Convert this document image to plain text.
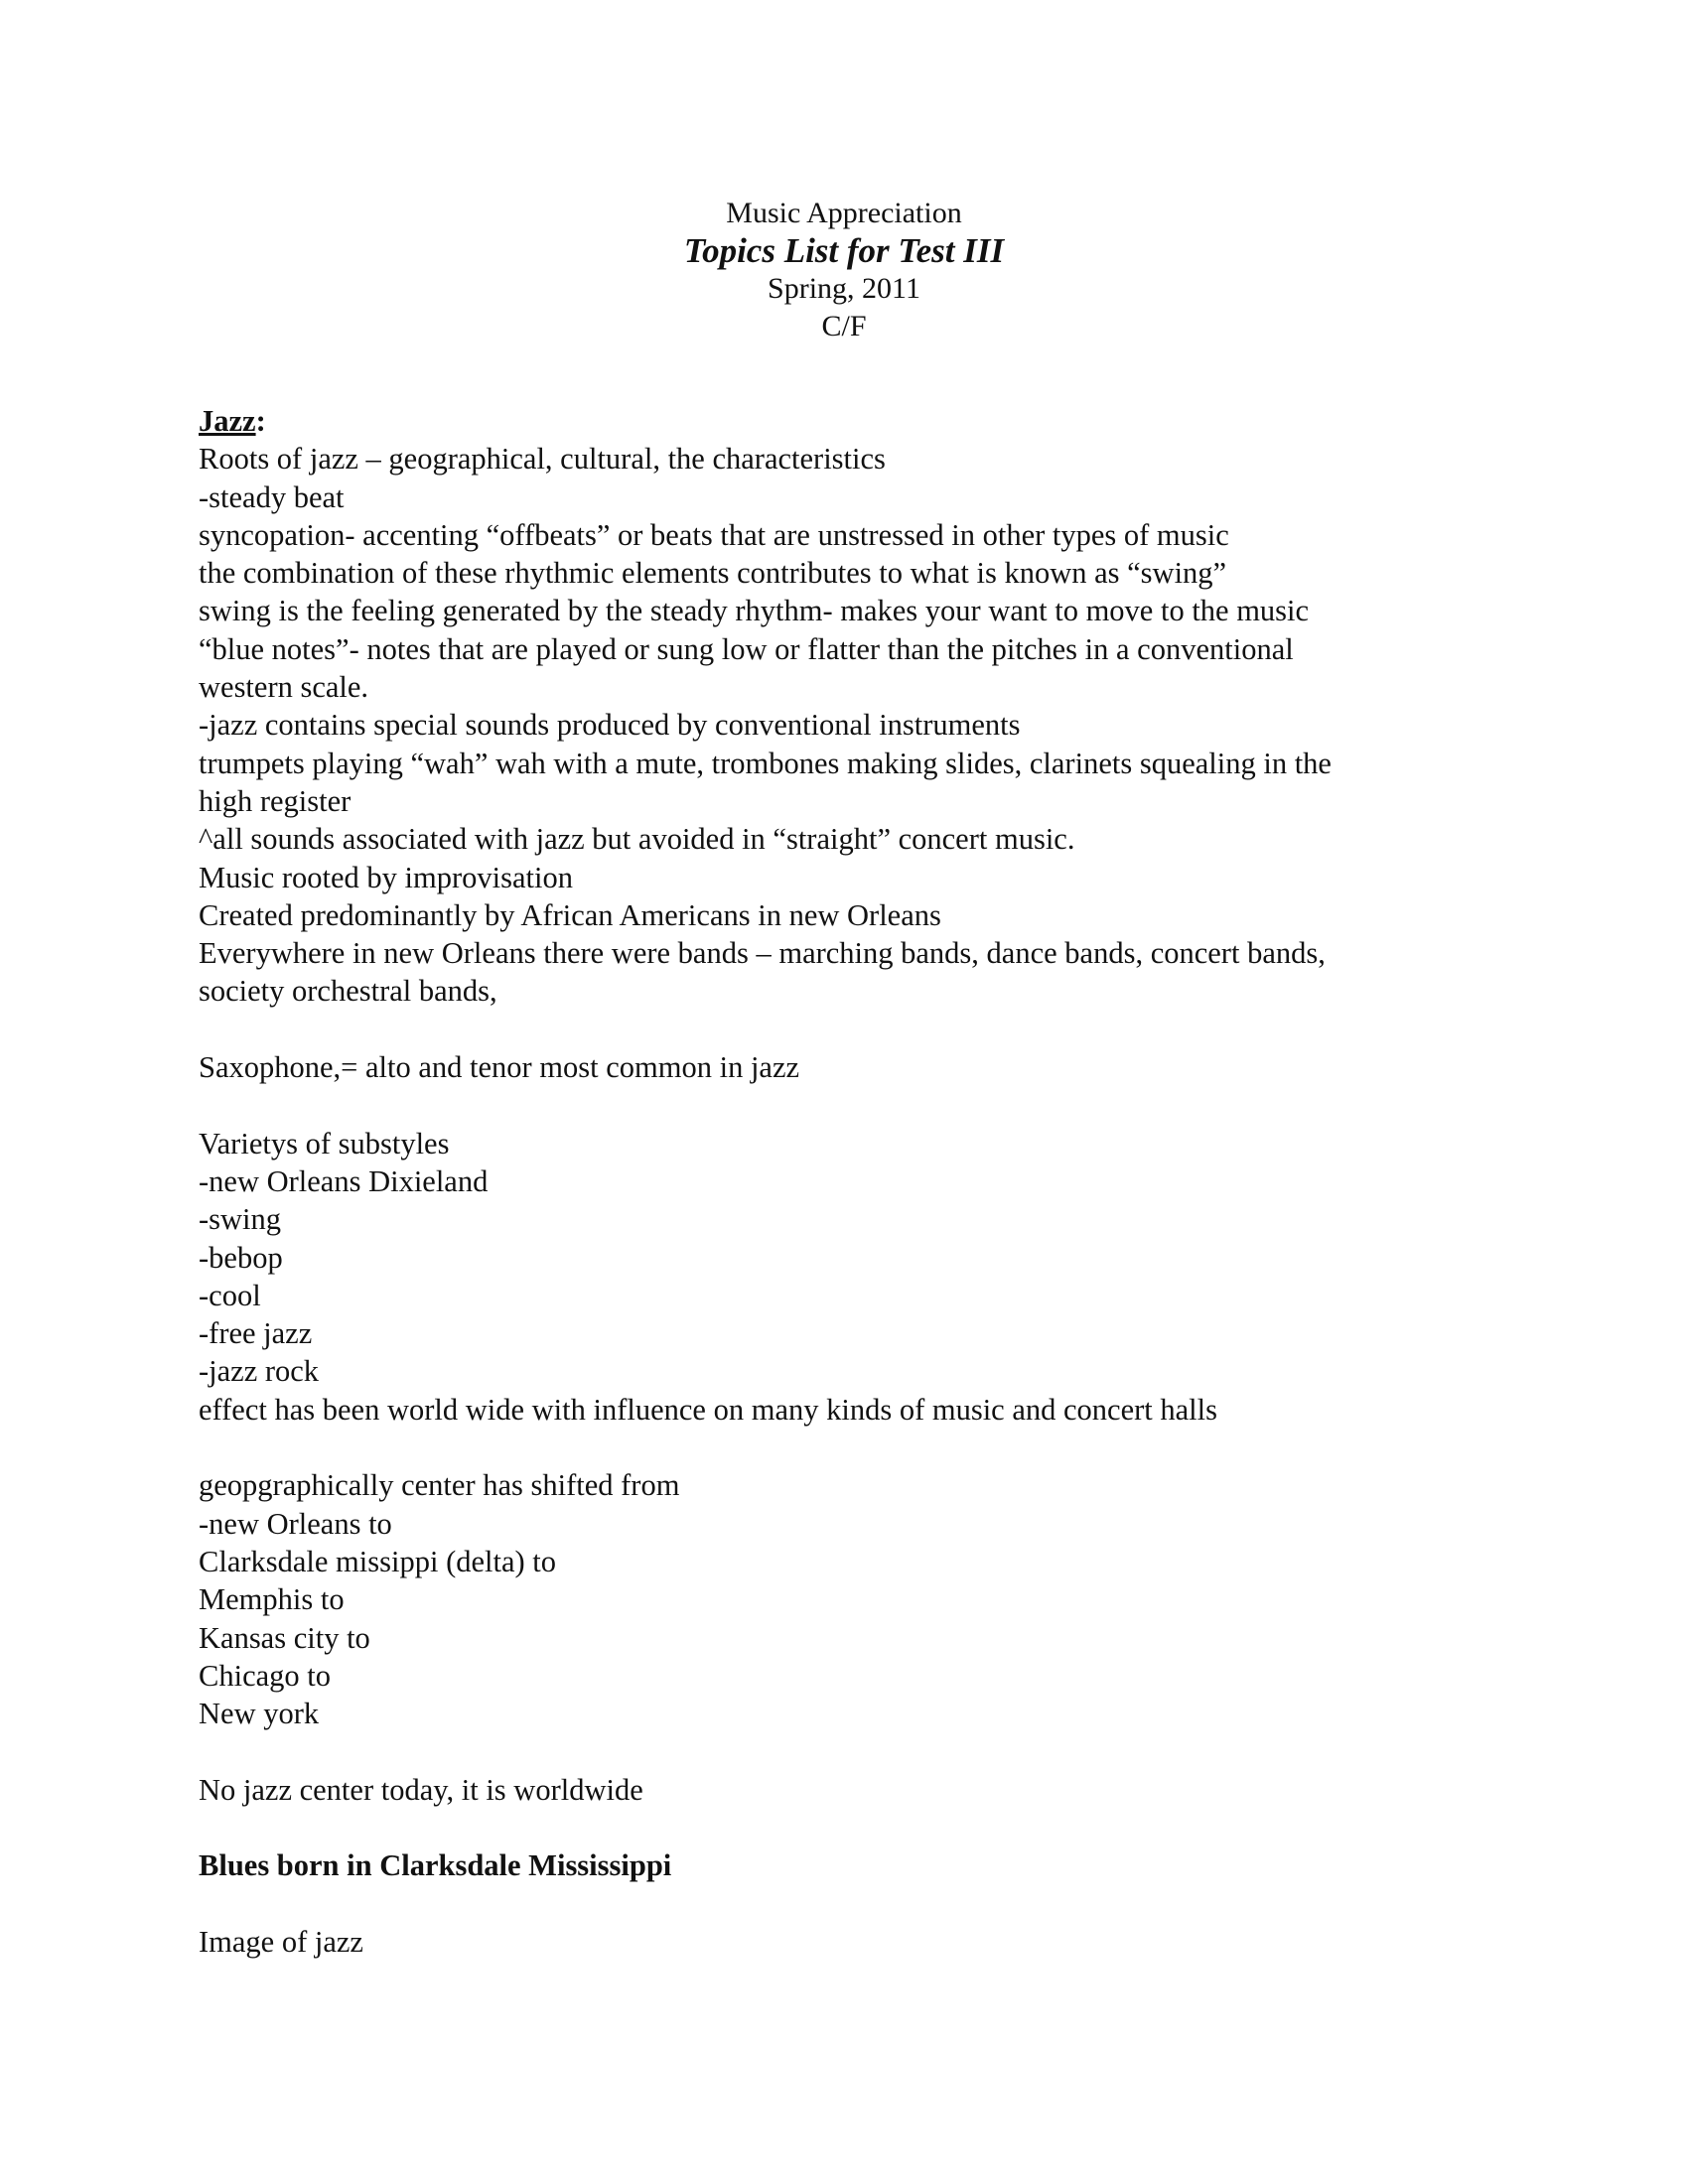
Music Appreciation
Topics List for Test III
Spring, 2011
C/F
Jazz:
Roots of jazz – geographical, cultural, the characteristics
-steady beat
syncopation- accenting “offbeats” or beats that are unstressed in other types of music
the combination of these rhythmic elements contributes to what is known as “swing”
swing is the feeling generated by the steady rhythm- makes your want to move to the music
“blue notes”- notes that are played or sung low or flatter than the pitches in a conventional
western scale.
-jazz contains special sounds produced by conventional instruments
trumpets playing “wah” wah with a mute, trombones making slides, clarinets squealing in the
high register
^all sounds associated with jazz but avoided in “straight” concert music.
Music rooted by improvisation
Created predominantly by African Americans in new Orleans
Everywhere in new Orleans there were bands – marching bands, dance bands, concert bands,
society orchestral bands,
Saxophone,= alto and tenor most common in jazz
Varietys of substyles
-new Orleans Dixieland
-swing
-bebop
-cool
-free jazz
-jazz rock
effect has been world wide with influence on many kinds of music and concert halls
geopgraphically center has shifted from
-new Orleans to
Clarksdale missippi (delta) to
Memphis to
Kansas city to
Chicago to
New york
No jazz center today, it is worldwide
Blues born in Clarksdale Mississippi
Image of jazz
